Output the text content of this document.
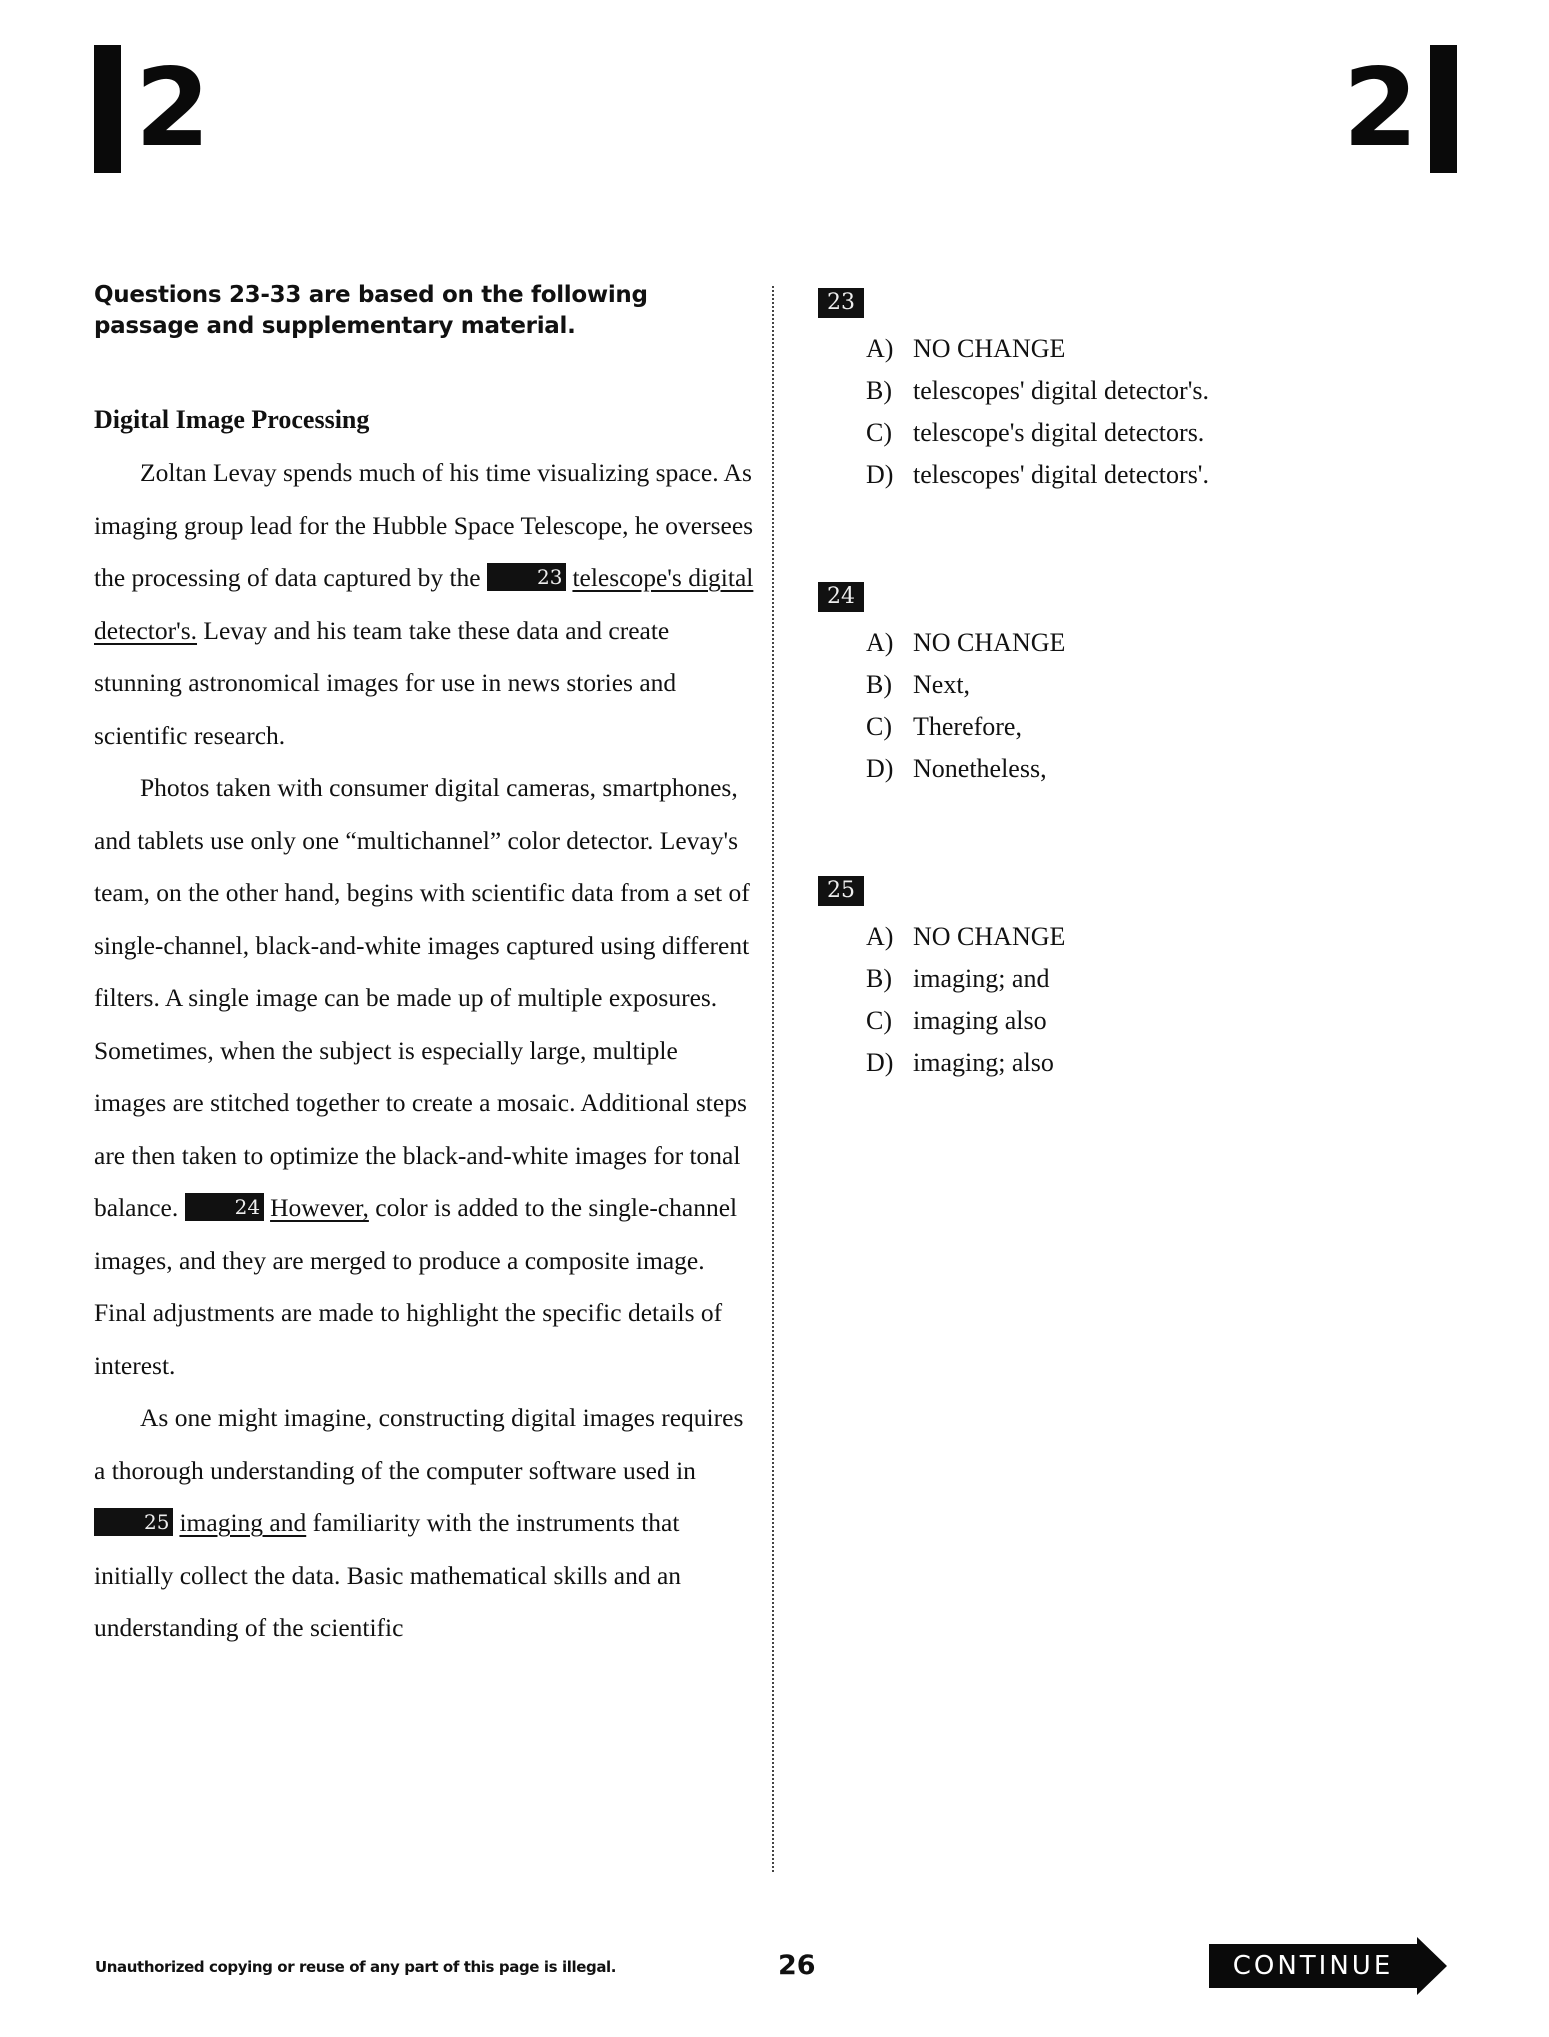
2	2

Questions 23-33 are based on the following passage and supplementary material.

Digital Image Processing

Zoltan Levay spends much of his time visualizing space. As imaging group lead for the Hubble Space Telescope, he oversees the processing of data captured by the	23 telescope's digital detector's. Levay and his team take these data and create stunning astronomical images for use in news stories and scientific research.

Photos taken with consumer digital cameras, smartphones, and tablets use only one “multichannel” color detector. Levay's team, on the other hand, begins with scientific data from a set of single-channel, black-and-white images captured using different filters. A single image can be made up of multiple exposures. Sometimes, when the subject is especially large, multiple images are stitched together to create a mosaic. Additional steps are then taken to optimize the black-and-white images for tonal balance.	24 However, color is added to the single-channel images, and they are merged to produce a composite image. Final adjustments are made to highlight the specific details of interest.

As one might imagine, constructing digital images requires a thorough understanding of the computer software used in 25 imaging and familiarity with the instruments that initially collect the data. Basic mathematical skills and an understanding of the scientific

23
A) NO CHANGE
B) telescopes' digital detector's.
C) telescope's digital detectors.
D) telescopes' digital detectors'.
24
A) NO CHANGE
B) Next,
C) Therefore,
D) Nonetheless,
25
A) NO CHANGE
B) imaging; and
C) imaging also
D) imaging; also
Unauthorized copying or reuse of any part of this page is illegal.	26	CONTINUE
